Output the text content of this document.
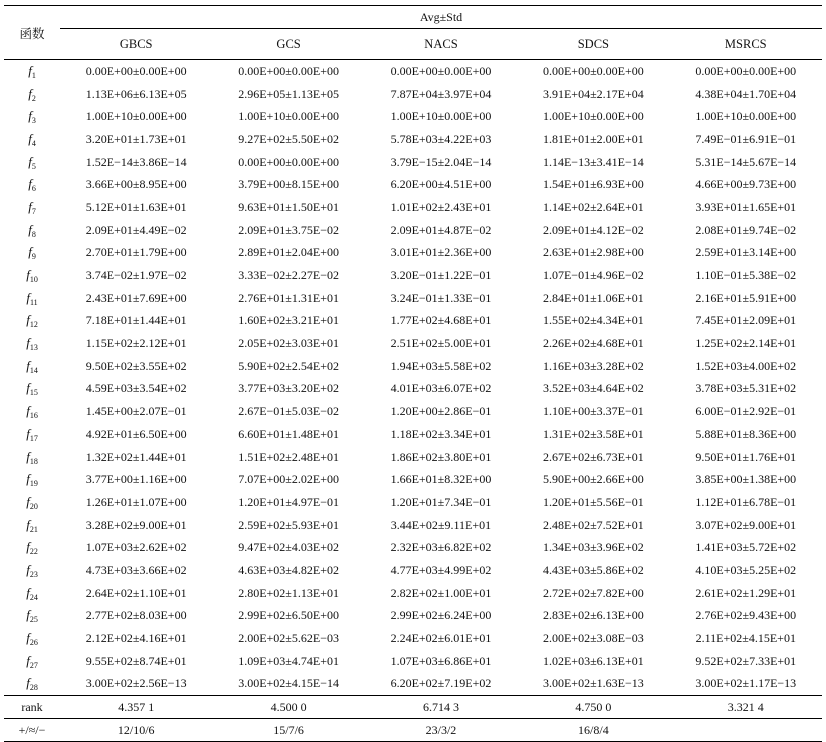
函数	Avg±Std				
	GBCS	GCS	NACS	SDCS	MSRCS
$f_1$	0.00E+00±0.00E+00	0.00E+00±0.00E+00	0.00E+00±0.00E+00	0.00E+00±0.00E+00	0.00E+00±0.00E+00
$f_2$	1.13E+06±6.13E+05	2.96E+05±1.13E+05	7.87E+04±3.97E+04	3.91E+04±2.17E+04	4.38E+04±1.70E+04
$f_3$	1.00E+10±0.00E+00	1.00E+10±0.00E+00	1.00E+10±0.00E+00	1.00E+10±0.00E+00	1.00E+10±0.00E+00
$f_4$	3.20E+01±1.73E+01	9.27E+02±5.50E+02	5.78E+03±4.22E+03	1.81E+01±2.00E+01	7.49E−01±6.91E−01
$f_5$	1.52E−14±3.86E−14	0.00E+00±0.00E+00	3.79E−15±2.04E−14	1.14E−13±3.41E−14	5.31E−14±5.67E−14
$f_6$	3.66E+00±8.95E+00	3.79E+00±8.15E+00	6.20E+00±4.51E+00	1.54E+01±6.93E+00	4.66E+00±9.73E+00
$f_7$	5.12E+01±1.63E+01	9.63E+01±1.50E+01	1.01E+02±2.43E+01	1.14E+02±2.64E+01	3.93E+01±1.65E+01
$f_8$	2.09E+01±4.49E−02	2.09E+01±3.75E−02	2.09E+01±4.87E−02	2.09E+01±4.12E−02	2.08E+01±9.74E−02
$f_9$	2.70E+01±1.79E+00	2.89E+01±2.04E+00	3.01E+01±2.36E+00	2.63E+01±2.98E+00	2.59E+01±3.14E+00
$f_{10}$	3.74E−02±1.97E−02	3.33E−02±2.27E−02	3.20E−01±1.22E−01	1.07E−01±4.96E−02	1.10E−01±5.38E−02
$f_{11}$	2.43E+01±7.69E+00	2.76E+01±1.31E+01	3.24E−01±1.33E−01	2.84E+01±1.06E+01	2.16E+01±5.91E+00
$f_{12}$	7.18E+01±1.44E+01	1.60E+02±3.21E+01	1.77E+02±4.68E+01	1.55E+02±4.34E+01	7.45E+01±2.09E+01
$f_{13}$	1.15E+02±2.12E+01	2.05E+02±3.03E+01	2.51E+02±5.00E+01	2.26E+02±4.68E+01	1.25E+02±2.14E+01
$f_{14}$	9.50E+02±3.55E+02	5.90E+02±2.54E+02	1.94E+03±5.58E+02	1.16E+03±3.28E+02	1.52E+03±4.00E+02
$f_{15}$	4.59E+03±3.54E+02	3.77E+03±3.20E+02	4.01E+03±6.07E+02	3.52E+03±4.64E+02	3.78E+03±5.31E+02
$f_{16}$	1.45E+00±2.07E−01	2.67E−01±5.03E−02	1.20E+00±2.86E−01	1.10E+00±3.37E−01	6.00E−01±2.92E−01
$f_{17}$	4.92E+01±6.50E+00	6.60E+01±1.48E+01	1.18E+02±3.34E+01	1.31E+02±3.58E+01	5.88E+01±8.36E+00
$f_{18}$	1.32E+02±1.44E+01	1.51E+02±2.48E+01	1.86E+02±3.80E+01	2.67E+02±6.73E+01	9.50E+01±1.76E+01
$f_{19}$	3.77E+00±1.16E+00	7.07E+00±2.02E+00	1.66E+01±8.32E+00	5.90E+00±2.66E+00	3.85E+00±1.38E+00
$f_{20}$	1.26E+01±1.07E+00	1.20E+01±4.97E−01	1.20E+01±7.34E−01	1.20E+01±5.56E−01	1.12E+01±6.78E−01
$f_{21}$	3.28E+02±9.00E+01	2.59E+02±5.93E+01	3.44E+02±9.11E+01	2.48E+02±7.52E+01	3.07E+02±9.00E+01
$f_{22}$	1.07E+03±2.62E+02	9.47E+02±4.03E+02	2.32E+03±6.82E+02	1.34E+03±3.96E+02	1.41E+03±5.72E+02
$f_{23}$	4.73E+03±3.66E+02	4.63E+03±4.82E+02	4.77E+03±4.99E+02	4.43E+03±5.86E+02	4.10E+03±5.25E+02
$f_{24}$	2.64E+02±1.10E+01	2.80E+02±1.13E+01	2.82E+02±1.00E+01	2.72E+02±7.82E+00	2.61E+02±1.29E+01
$f_{25}$	2.77E+02±8.03E+00	2.99E+02±6.50E+00	2.99E+02±6.24E+00	2.83E+02±6.13E+00	2.76E+02±9.43E+00
$f_{26}$	2.12E+02±4.16E+01	2.00E+02±5.62E−03	2.24E+02±6.01E+01	2.00E+02±3.08E−03	2.11E+02±4.15E+01
$f_{27}$	9.55E+02±8.74E+01	1.09E+03±4.74E+01	1.07E+03±6.86E+01	1.02E+03±6.13E+01	9.52E+02±7.33E+01
$f_{28}$	3.00E+02±2.56E−13	3.00E+02±4.15E−14	6.20E+02±7.19E+02	3.00E+02±1.63E−13	3.00E+02±1.17E−13
rank	4.357 1	4.500 0	6.714 3	4.750 0	3.321 4
+/≈/−	12/10/6	15/7/6	23/3/2	16/8/4	
